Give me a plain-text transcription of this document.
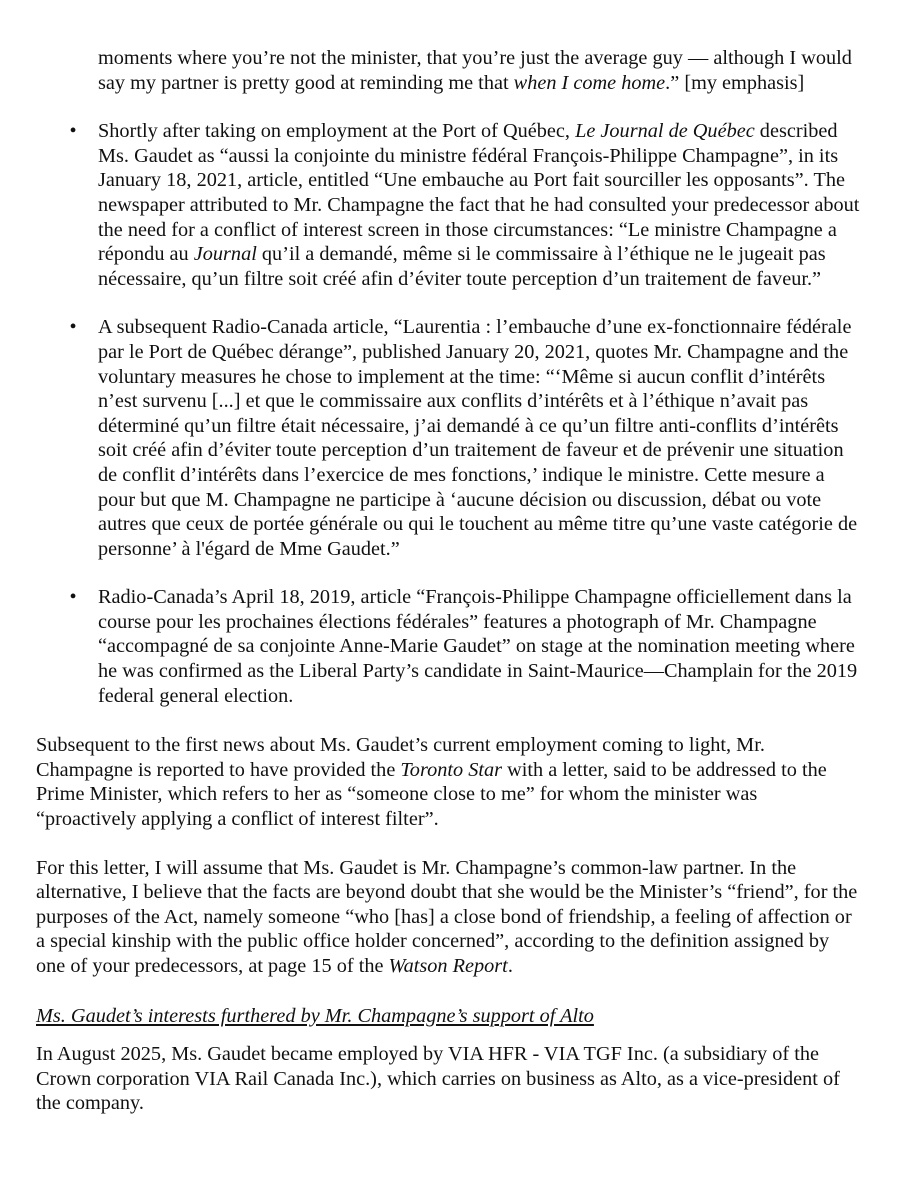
moments where you’re not the minister, that you’re just the average guy — although I would say my partner is pretty good at reminding me that when I come home.” [my emphasis]

• Shortly after taking on employment at the Port of Québec, Le Journal de Québec described Ms. Gaudet as “aussi la conjointe du ministre fédéral François-Philippe Champagne”, in its January 18, 2021, article, entitled “Une embauche au Port fait sourciller les opposants”. The newspaper attributed to Mr. Champagne the fact that he had consulted your predecessor about the need for a conflict of interest screen in those circumstances: “Le ministre Champagne a répondu au Journal qu’il a demandé, même si le commissaire à l’éthique ne le jugeait pas nécessaire, qu’un filtre soit créé afin d’éviter toute perception d’un traitement de faveur.”
• A subsequent Radio-Canada article, “Laurentia : l’embauche d’une ex-fonctionnaire fédérale par le Port de Québec dérange”, published January 20, 2021, quotes Mr. Champagne and the voluntary measures he chose to implement at the time: “‘Même si aucun conflit d’intérêts n’est survenu [...] et que le commissaire aux conflits d’intérêts et à l’éthique n’avait pas déterminé qu’un filtre était nécessaire, j’ai demandé à ce qu’un filtre anti-conflits d’intérêts soit créé afin d’éviter toute perception d’un traitement de faveur et de prévenir une situation de conflit d’intérêts dans l’exercice de mes fonctions,’ indique le ministre. Cette mesure a pour but que M. Champagne ne participe à ‘aucune décision ou discussion, débat ou vote autres que ceux de portée générale ou qui le touchent au même titre qu’une vaste catégorie de personne’ à l'égard de Mme Gaudet.”
• Radio-Canada’s April 18, 2019, article “François-Philippe Champagne officiellement dans la course pour les prochaines élections fédérales” features a photograph of Mr. Champagne “accompagné de sa conjointe Anne-Marie Gaudet” on stage at the nomination meeting where he was confirmed as the Liberal Party’s candidate in Saint-Maurice—Champlain for the 2019 federal general election.

Subsequent to the first news about Ms. Gaudet’s current employment coming to light, Mr. Champagne is reported to have provided the Toronto Star with a letter, said to be addressed to the Prime Minister, which refers to her as “someone close to me” for whom the minister was “proactively applying a conflict of interest filter”.

For this letter, I will assume that Ms. Gaudet is Mr. Champagne’s common-law partner. In the alternative, I believe that the facts are beyond doubt that she would be the Minister’s “friend”, for the purposes of the Act, namely someone “who [has] a close bond of friendship, a feeling of affection or a special kinship with the public office holder concerned”, according to the definition assigned by one of your predecessors, at page 15 of the Watson Report.

Ms. Gaudet’s interests furthered by Mr. Champagne’s support of Alto

In August 2025, Ms. Gaudet became employed by VIA HFR - VIA TGF Inc. (a subsidiary of the Crown corporation VIA Rail Canada Inc.), which carries on business as Alto, as a vice-president of the company.
